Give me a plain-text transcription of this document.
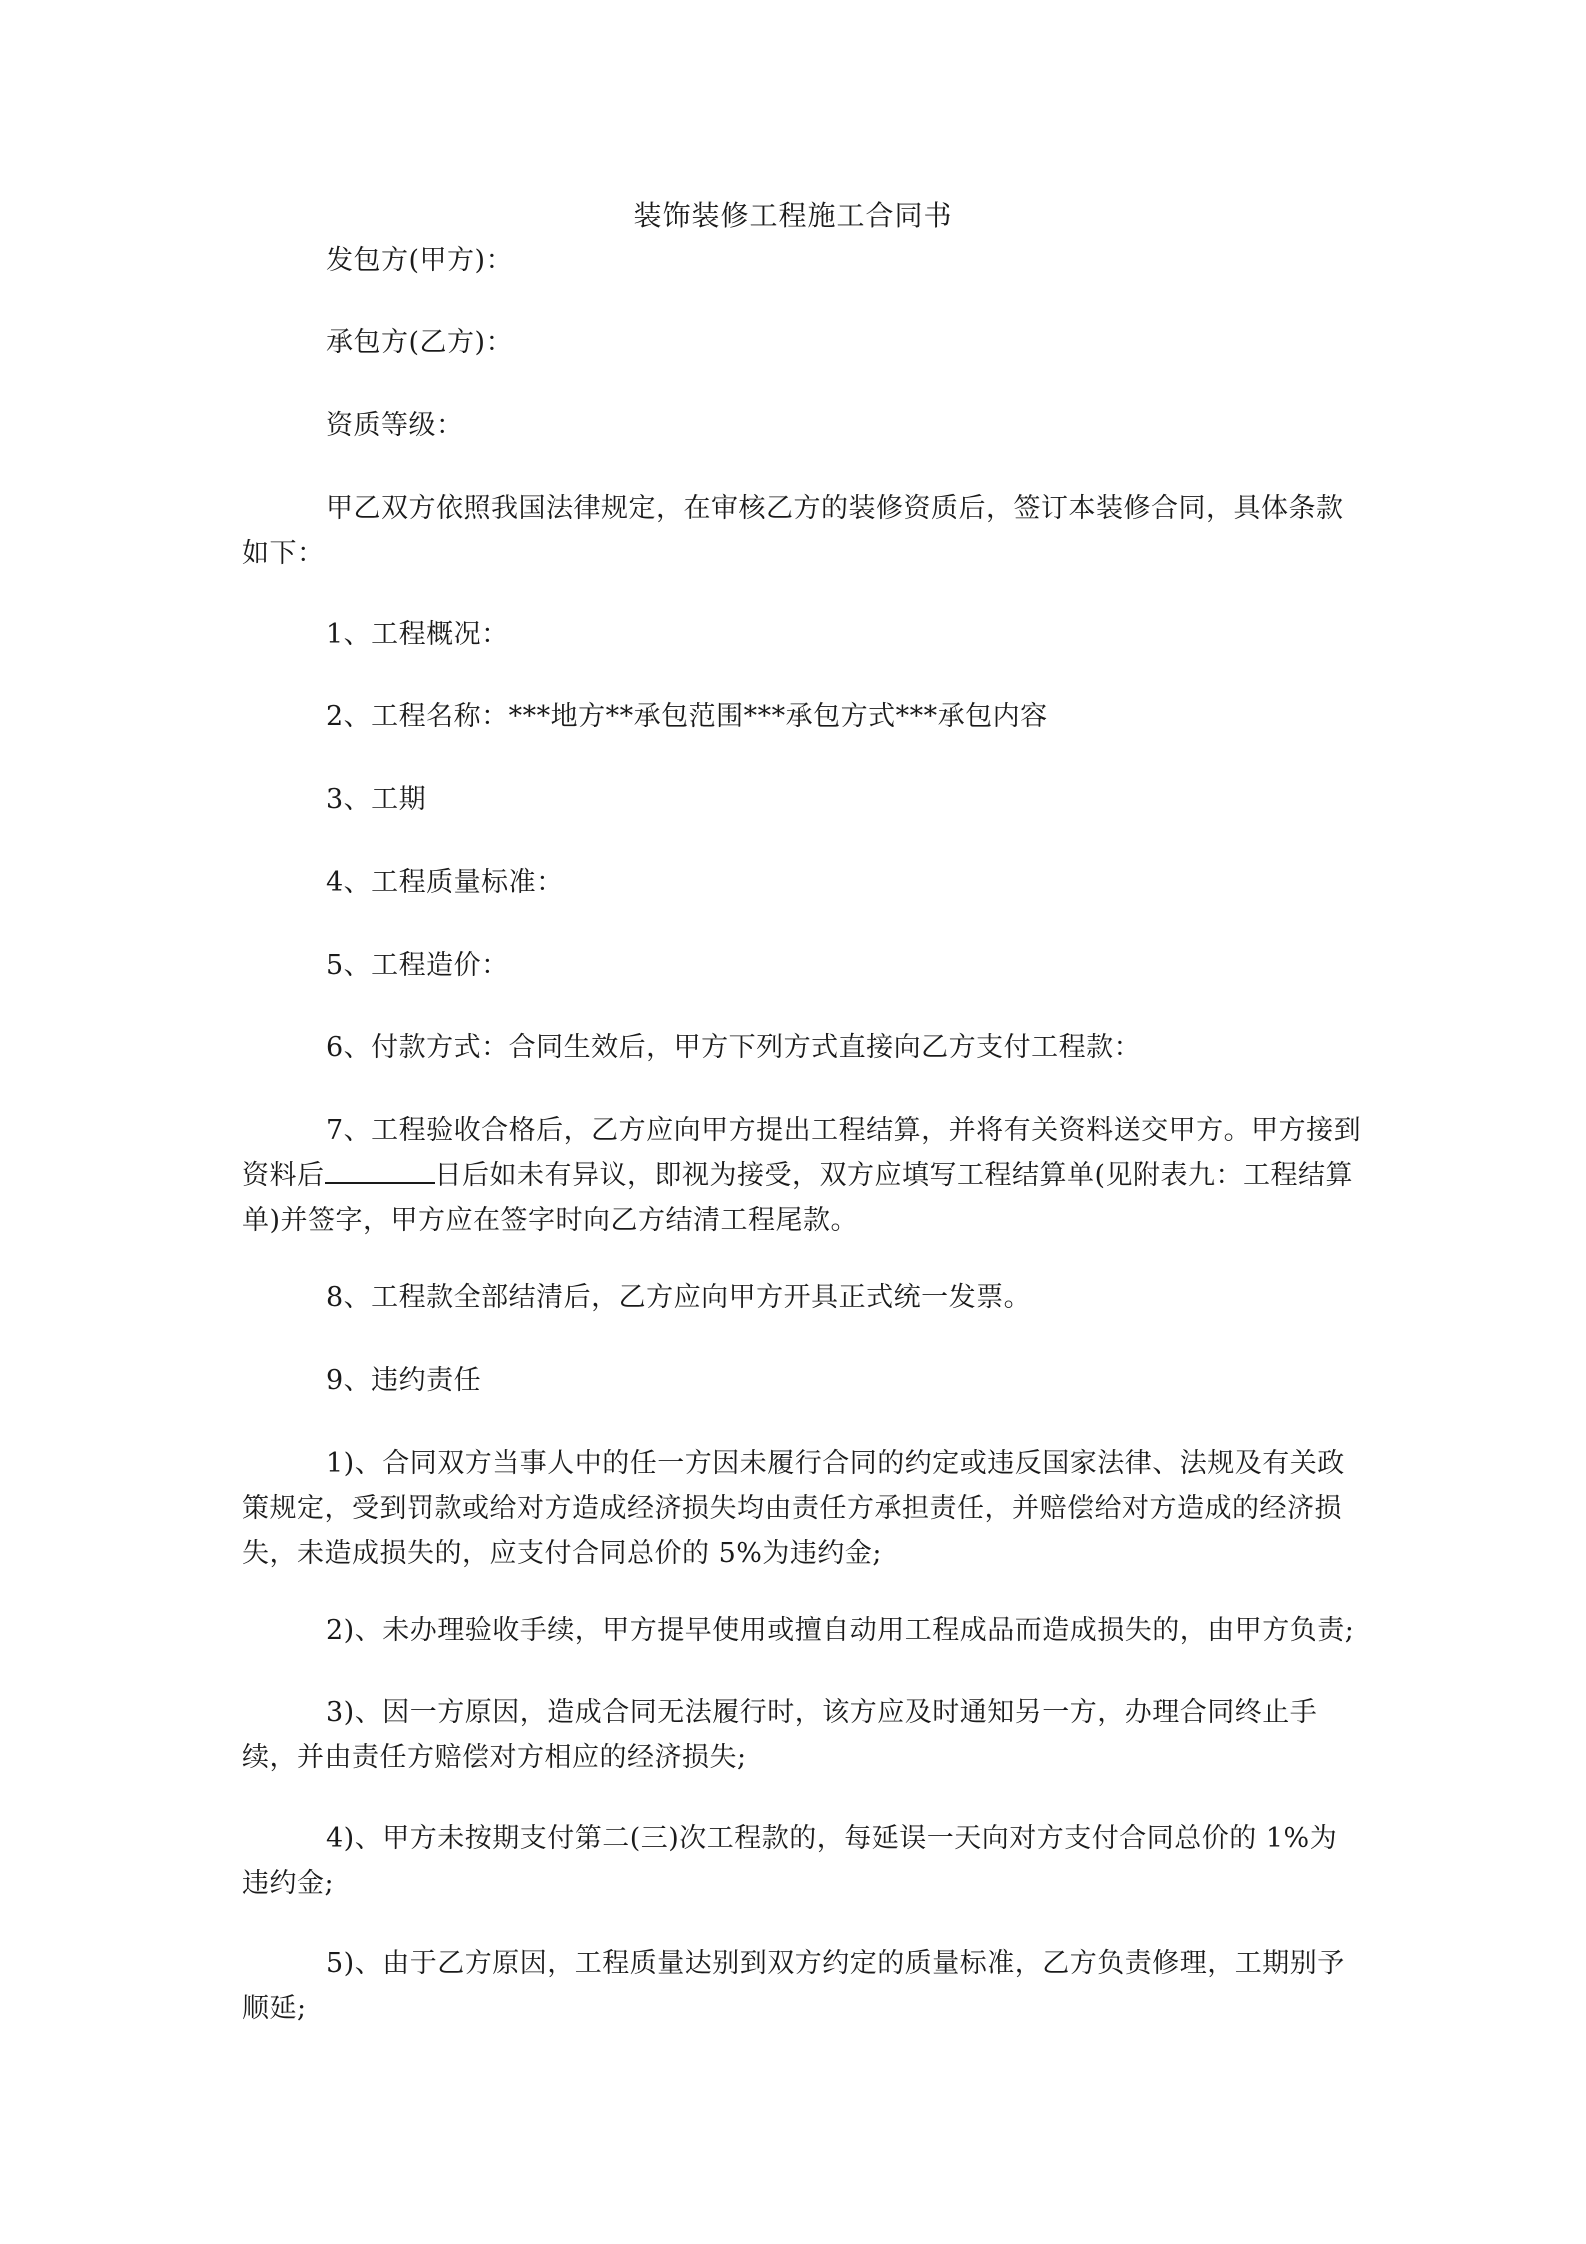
装饰装修工程施工合同书

发包方(甲方)：

承包方(乙方)：

资质等级：

甲乙双方依照我国法律规定，在审核乙方的装修资质后，签订本装修合同，具体条款如下：

1、工程概况：

2、工程名称：***地方**承包范围***承包方式***承包内容

3、工期

4、工程质量标准：

5、工程造价：

6、付款方式：合同生效后，甲方下列方式直接向乙方支付工程款：

7、工程验收合格后，乙方应向甲方提出工程结算，并将有关资料送交甲方。甲方接到资料后	日后如未有异议，即视为接受，双方应填写工程结算单(见附表九：工程结算单)并签字，甲方应在签字时向乙方结清工程尾款。

8、工程款全部结清后，乙方应向甲方开具正式统一发票。

9、违约责任

1)、合同双方当事人中的任一方因未履行合同的约定或违反国家法律、法规及有关政策规定，受到罚款或给对方造成经济损失均由责任方承担责任，并赔偿给对方造成的经济损失，未造成损失的，应支付合同总价的 5%为违约金;

2)、未办理验收手续，甲方提早使用或擅自动用工程成品而造成损失的，由甲方负责;

3)、因一方原因，造成合同无法履行时，该方应及时通知另一方，办理合同终止手续，并由责任方赔偿对方相应的经济损失;

4)、甲方未按期支付第二(三)次工程款的，每延误一天向对方支付合同总价的 1%为违约金;

5)、由于乙方原因，工程质量达别到双方约定的质量标准，乙方负责修理，工期别予顺延;
